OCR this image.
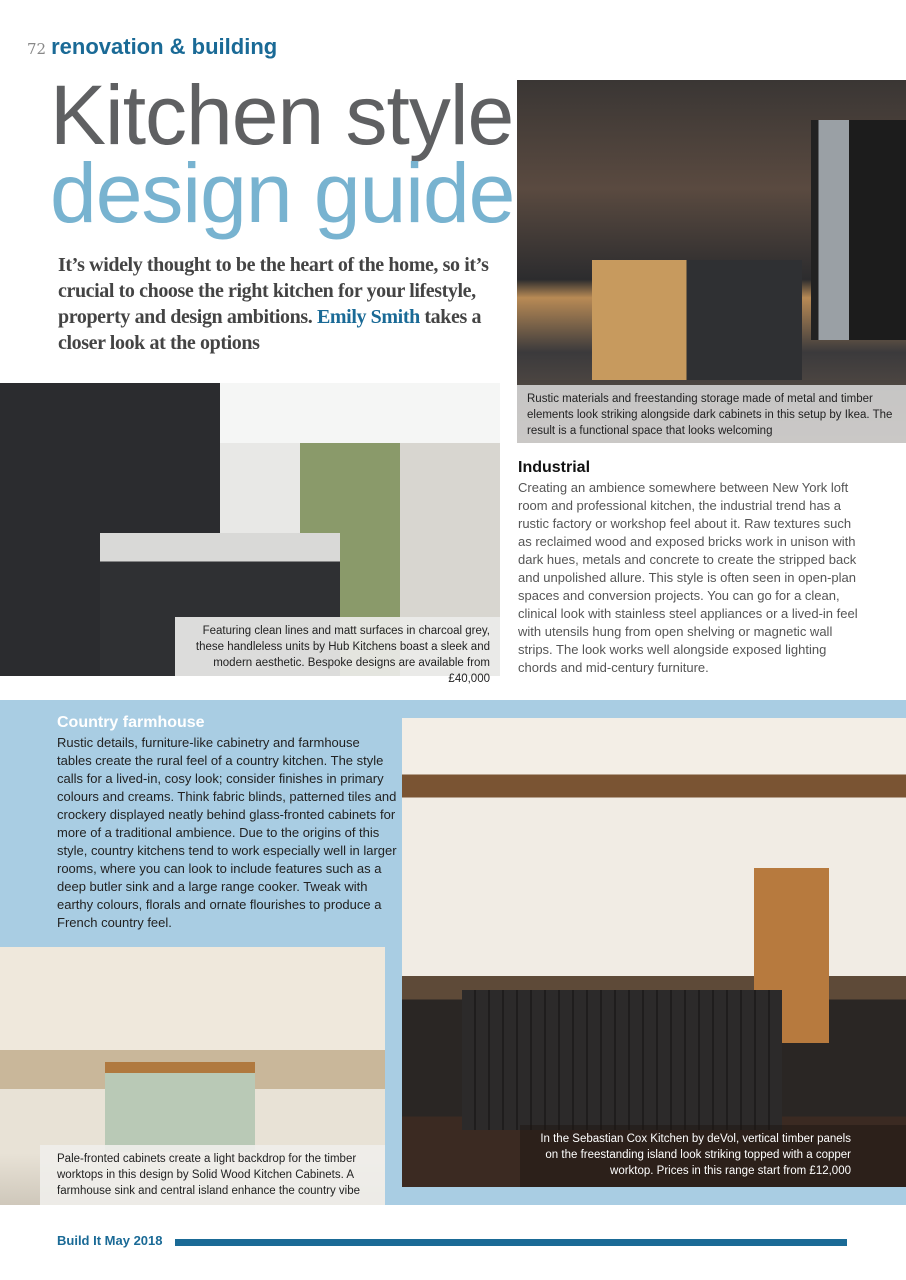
72 renovation & building
Kitchen style
design guide
Rustic materials and freestanding storage made of metal and timber elements look striking alongside dark cabinets in this setup by Ikea. The result is a functional space that looks welcoming
Featuring clean lines and matt surfaces in charcoal grey, these handleless units by Hub Kitchens boast a sleek and modern aesthetic. Bespoke designs are available from £40,000
It’s widely thought to be the heart of the home, so it’s crucial to choose the right kitchen for your lifestyle, property and design ambitions. Emily Smith takes a closer look at the options
Industrial

Creating an ambience somewhere between New York loft room and professional kitchen, the industrial trend has a rustic factory or workshop feel about it. Raw textures such as reclaimed wood and exposed bricks work in unison with dark hues, metals and concrete to create the stripped back and unpolished allure. This style is often seen in open-plan spaces and conversion projects. You can go for a clean, clinical look with stainless steel appliances or a lived-in feel with utensils hung from open shelving or magnetic wall strips. The look works well alongside exposed lighting chords and mid-century furniture.

Country farmhouse

Rustic details, furniture-like cabinetry and farmhouse tables create the rural feel of a country kitchen. The style calls for a lived-in, cosy look; consider finishes in primary colours and creams. Think fabric blinds, patterned tiles and crockery displayed neatly behind glass-fronted cabinets for more of a traditional ambience. Due to the origins of this style, country kitchens tend to work especially well in larger rooms, where you can look to include features such as a deep butler sink and a large range cooker. Tweak with earthy colours, florals and ornate flourishes to produce a French country feel.

Pale-fronted cabinets create a light backdrop for the timber worktops in this design by Solid Wood Kitchen Cabinets. A farmhouse sink and central island enhance the country vibe
In the Sebastian Cox Kitchen by deVol, vertical timber panels on the freestanding island look striking topped with a copper worktop. Prices in this range start from £12,000
Build It May 2018
